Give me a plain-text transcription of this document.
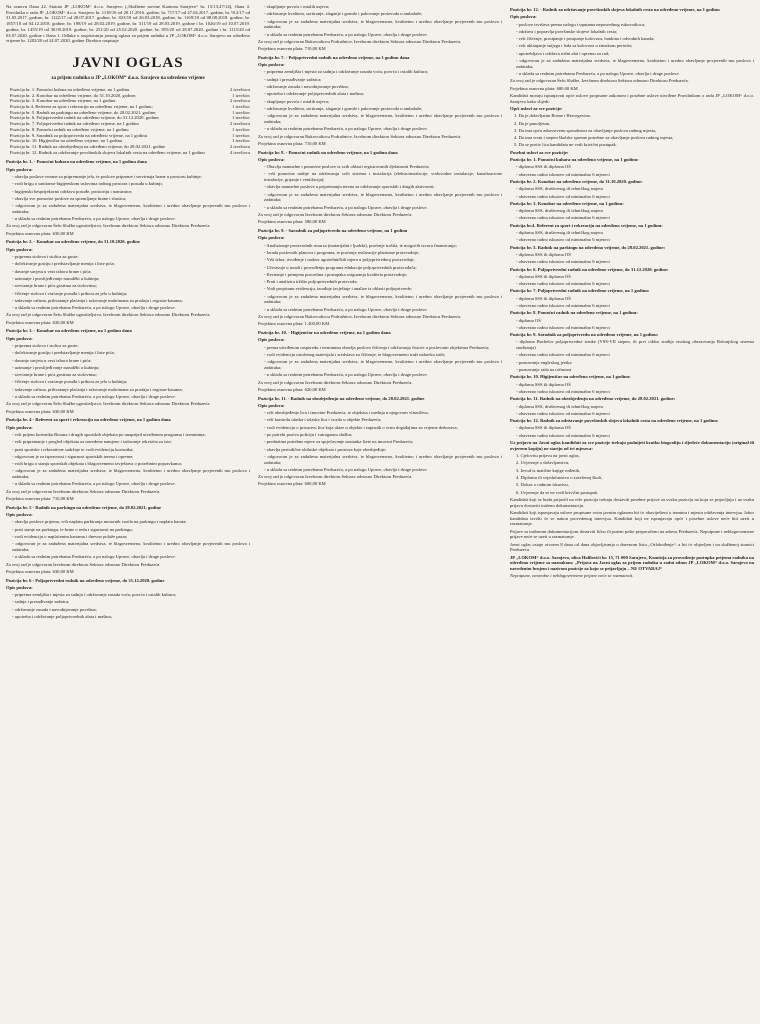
Na osnovu člana 22. Statuta JP „LOKOM“ d.o.o. Sarajevo („Službene novine Kantona Sarajevo“ br. 15/13,47/14), člana 4. Pravilnika o radu JP „LOKOM“ d.o.o. Sarajevo br. 1118/16 od 20.11.2016. godine, br. 717/17 od 27.04.2017. godine, br. 912/17 od 31.05.2017. godine, br. 1122/17 od 28.07.2017. godine, br. 823/18 od 26.03.2018. godine, br. 1169/18 od 08.08.2018. godine, br. 1857/18 od 04.12.2018. godine, br. 198/19 od 28.02.2019. godine, br. 311/19 od 28.03.2019. godine i br. 1026/19 od 10.07.2019. godine, br. 1455/19 od 30.09.2019. godine, br. 251/20 od 25.02.2020. godine, br. 855/20 od 28.07.2020. godine i br. 1115/20 od 03.07.2020. godine i člana 1. Odluke o raspisivanju javnog oglasa za prijem radnika u JP „LOKOM“ d.o.o. Sarajevo na određeno vrijeme br. 1282/20 od 24.07.2020. godine Direktor raspisuje

JAVNI OGLAS
za prijem radnika u JP „LOKOM“ d.o.o. Sarajevo na određeno vrijeme
Pozicija br. 1. Pomoćni kuhara na određeno vrijeme, na 1 godinu	2 izvršioca
Pozicija br. 2. Konobar na određeno vrijeme, do 31.10.2020. godine;	1 izvršioc
Pozicija br. 3. Konobar na određeno vrijeme, na 1 godinu	2 izvršioca
Pozicija br.4. Referent za sport i rekreaciju na određeno vrijeme, na 1 godinu;	1 izvršioc
Pozicija br. 5. Radnik na parkingu na određeno vrijeme, do 28.02.2021. godine;	1 izvršioc
Pozicija br. 6. Poljoprivredni radnik na određeno vrijeme, do 31.12.2020. godine;	1 izvršioc
Pozicija br. 7. Poljoprivredni radnik na određeno vrijeme, na 1 godinu	2 izvršioca
Pozicija br. 8. Pomoćni radnik na određeno vrijeme, na 1 godinu	1 izvršioc
Pozicija br. 9. Saradnik za poljoprivredu na određeno vrijeme, na 1 godinu	1 izvršioc
Pozicija br. 10. Higijeničar na određeno vrijeme, na 1 godinu	1 izvršioc
Pozicija br. 11. Radnik na obezbjeđenju na određeno vrijeme, do 28.02.2021. godine	2 izvršioca
Pozicija br. 12. Radnik za održavanje površinskih slojeva lokalnih cesta na određeno vrijeme, na 1 godinu	4 izvršioca

Pozicija br. 1. - Pomoćni kuhara na određeno vrijeme, na 1 godinu dana

Opis poslova:

- obavlja poslove vezane za pripremanje jela, te poslove pripreme i servirnaja hrane u prostoru kuhinje;

- vodi brigu o sanitarno-higijenskom uslovima radnog prostora i posuđa u kuhinji;

- higijenski besprijekorno održava posuđe, prostoriju i namirnice;

- obavlja sve pomoćne poslove za spremljanje hrane i slastica;

- odgovoran je za zadužena materijalna sredstva, te blagovremeno, kvalitetno i uredno obavljanje povjerenih mu poslova i zadataka;

- u skladu sa realnim potrebama Preduzeća, a po nalogu Uprave, obavlja i druge poslove.

Za svoj rad je odgovoran Šefu Službe ugostiteljstva, Izvršnom direktoru Sektora odnosno Direktoru Preduzeća.

Projektna osnovna plata: 630,00 KM

Pozicija br. 2. - Konobar na određeno vrijeme, do 31.10.2020. godine

Opis poslova:

- priprema stolova i stolica za goste;

- dočekivanje gostiju i predstavljanje menija i liste pića;

- davanje savjeta u vezi izbora hrane i pića;

- uzimanje i proslijeđivanje narudžbi u kuhinju;

- serviranje hrane i pića gostima za stolovima;

- čišćenje stolova i vraćanje posuđa i pribora za jelo u kuhinju;

- izdavanje računa, prihvatanje plaćanja i rukovanje maloimana za prodaju i registar-kasama;

- u skladu sa realnim potrebama Preduzeća, a po nalogu Uprave, obavlja i druge poslove.

Za svoj rad je odgovoran Šefu Službe ugostiteljstva, Izvršnom direktoru Sektora odnosno Direktoru Preduzeća.

Projektna osnovna plata: 630,00 KM

Pozicija br. 3. - Konobar na određeno vrijeme, na 1 godinu dana

Opis poslova:

- priprema stolova i stolica za goste;

- dočekivanje gostiju i predstavljanje menija i liste pića;

- davanje savjeta u vezi izbora hrane i pića;

- uzimanje i proslijeđivanje narudžbi u kuhinju;

- serviranje hrane i pića gostima za stolovima;

- čišćenje stolova i vraćanje posuđa i pribora za jelo u kuhinju;

- izdavanje računa, prihvatanje plaćanja i rukovanje maloimana za prodaju i registar-kasama;

- u skladu sa realnim potrebama Preduzeća, a po nalogu Uprave, obavlja i druge poslove.

Za svoj rad je odgovoran Šefu Službe ugostiteljstva, Izvršnom direktoru Sektora odnosno Direktoru Preduzeća.

Projektna osnovna plata: 630,00 KM

Pozicija br. 4 - Referent za sport i rekreaciju na određeno vrijeme, na 1 godinu dana

Opis poslova:

- vrši prijem korisnika Borana i drugih sportskih objekata po unaprijed utvrđenom programu i terminima;

- vrši pripremanje i pregled objekata za navedene namjene i izdavanje rekvizita za iste;

- prati sportske i rekreativne sadržaje te vodi evidenciju korisnika;

- odgovoran je za ispravnost i sigurnost sportskih terena i opreme;

- vodi brigu o stanju sportskih objekata i blagovremeno izvještava o potrebnim popravkama;

- odgovoran je za zadužena materijalna sredstva, te blagovremeno, kvalitetno i uredno obavljanje povjerenih mu poslova i zadataka;

- u skladu sa realnim potrebama Preduzeća, a po nalogu Uprave, obavlja i druge poslove.

Za svoj rad je odgovoran Izvršnom direktoru Sektora odnosno Direktoru Preduzeća.

Projektna osnovna plata: 710,00 KM

Pozicija br. 5 - Radnik na parkingu na određeno vrijeme, do 28.02.2021. godine

Opis poslova:

- obavlja poslove prijema, vrši naplatu parkiranja motornih vozila na parkingu i naplatu karata;

- prati stanje na parkingu, te brine o redu i sigurnosti na parkingu;

- vodi evidenciju o naplaćenim kartama i dnevno polaže pazar;

- odgovoran je za zadužena materijalna sredstva, te blagovremeno, kvalitetno i uredno obavljanje povjerenih mu poslova i zadataka;

- u skladu sa realnim potrebama Preduzeća, a po nalogu Uprave, obavlja i druge poslove.

Za svoj rad je odgovoran Izvršnom direktoru Sektora odnosno Direktoru Preduzeća.

Projektna osnovna plata: 630,00 KM

Pozicija br. 6 - Poljoprivredni radnik na određeno vrijeme, do 31.12.2020. godine

Opis poslova:

- priprema zemljišta i mjesta za sadnju i održavanje zasada voća, povrća i ostalih kultura;

- sadnja i presađivanje sadnica;

- održavanje zasada i navodnjavanje površina;

- upotreba i održavanje poljoprivrednih alata i mašina;

- skupljanje povrća i ostalih usjeva;

- održavanje kvaliteta, sortiranje, slaganje i gomile i pakovanje proizvoda u ambalaže;

- odgovoran je za zadužena materijalna sredstva, te blagovremeno, kvalitetno i uredno obavljanje povjerenih mu poslova i zadataka;

- u skladu sa realnim potrebama Preduzeća, a po nalogu Uprave, obavlja i druge poslove.

Za svoj rad je odgovoran Rukovodiocu Podružnice, Izvršnom direktoru Sektora odnosno Direktoru Preduzeća.

Projektna osnovna plata: 710,00 KM

Pozicija br. 7. - Poljoprivredni radnik na određeno vrijeme, na 1 godinu dana

Opis poslova:

- priprema zemljišta i mjesta za sadnju i održavanje zasada voća, povrća i ostalih kultura;

- sadnja i presađivanje sadnica;

- održavanje zasada i navodnjavanje površina;

- upotreba i održavanje poljoprivrednih alata i mašina;

- skupljanje povrća i ostalih usjeva;

- održavanje kvaliteta, sortiranje, slaganje i gomile i pakovanje proizvoda u ambalaže;

- odgovoran je za zadužena materijalna sredstva, te blagovremeno, kvalitetno i uredno obavljanje povjerenih mu poslova i zadataka;

- u skladu sa realnim potrebama Preduzeća, a po nalogu Uprave, obavlja i druge poslove.

Za svoj rad je odgovoran Rukovodiocu Podružnice, Izvršnom direktoru Sektora odnosno Direktoru Preduzeća.

Projektna osnovna plata: 710,00 KM

Pozicija br. 8. - Pomoćni radnik na određeno vrijeme, na 1 godinu dana

Opis poslova:

- Obavlja manuelne i pomoćne poslove iz svih oblasti registrovanih djelatnosti Preduzeća;

- vrši pomoćne radnje na održavanju svih sistema i instalacija (elektroinstalacije, vodovodne instalacije, kanalizacione instalacije, grijanje i ventilacija);

- obavlja manuelne poslove u pripremanju terena za održavanje sportskih i drugih aktivnosti;

- odgovoran je za zadužena materijalna sredstva, te blagovremeno, kvalitetno i uredno obavljanje povjerenih mu poslova i zadataka;

- u skladu sa realnim potrebama Preduzeća, a po nalogu Uprave, obavlja i druge poslove.

Za svoj rad je odgovoran Izvršnom direktoru Sektora odnosno Direktoru Preduzeća.

Projektna osnovna plata: 580,00 KM

Pozicija br. 9. - Saradnik za poljoprivredu na određeno vrijeme, na 1 godinu

Opis poslova:

- Analiziranje proizvodnih resursa (materijalni i ljudski), praćenje trošila, te mogućih izvora finansiranja;

- Izrada poslovnih planova i programa, te praćenje realizacije planirane proizvodnje;

- Vrši izbor, uvođenje i nadzor agrotehničkih mjera u poljoprivrednoj proizvodnji;

- Učestvuje u izradi i provođenju programa edukacije poljoprivrednih proizvođača;

- Kreiranje i primjena procedura i postupaka osiguranja kvaliteta proizvodnje;

- Prati i analizira tržište poljoprivrednih proizvoda;

- Vodi propisanu evidenciju, izrađuje izvještaje i analize iz oblasti poljoprivrede;

- odgovoran je za zadužena materijalna sredstva, te blagovremeno, kvalitetno i uredno obavljanje povjerenih mu poslova i zadataka;

- u skladu sa realnim potrebama Preduzeća, a po nalogu Uprave, obavlja i druge poslove.

Za svoj rad je odgovoran Rukovodiocu Podružnice, Izvršnom direktoru Sektora odnosno Direktoru Preduzeća.

Projektna osnovna plata: 1.400,00 KM

Pozicija br. 10. - Higijeničar na određeno vrijeme, na 1 godinu dana

Opis poslova:

- prema utvrđenom rasporedu i terminima obavlja poslove čišćenja i održavanja čistoće u poslovnim objektima Preduzeća;

- vodi evidenciju utrošenog materijala i sredstava za čišćenje, te blagovremeno traži nabavku istih;

- odgovoran je za zadužena materijalna sredstva, te blagovremeno, kvalitetno i uredno obavljanje povjerenih mu poslova i zadataka;

- u skladu sa realnim potrebama Preduzeća, a po nalogu Uprave, obavlja i druge poslove.

Za svoj rad je odgovoran Izvršnom direktoru Sektora odnosno Direktoru Preduzeća.

Projektna osnovna plata: 620,00 KM

Pozicija br. 11. - Radnik na obezbjeđenju na određeno vrijeme, do 28.02.2021. godine

Opis poslova:

- vrši obezbjeđenje lica i imovine Preduzeća, te objekata i uređaja u njegovom vlasništvu;

- vrši kontrolu ulaska i izlaska lica i vozila u objekte Preduzeća;

- vodi evidenciju o prisustvu lica koja ulaze u objekte i zapisnik o svim događajima za vrijeme dežurstva;

- po potrebi poziva policiju i vatrogasnu službu;

- preduzima potrebne mjere za sprječavanje nastanka štete na imovini Preduzeća;

- obavlja periodične obilaske objekata i prostora koje obezbjeđuje;

- odgovoran je za zadužena materijalna sredstva, te blagovremeno, kvalitetno i uredno obavljanje povjerenih mu poslova i zadataka;

- u skladu sa realnim potrebama Preduzeća, a po nalogu Uprave, obavlja i druge poslove.

Za svoj rad je odgovoran Izvršnom direktoru Sektora odnosno Direktoru Preduzeća.

Projektna osnovna plata: 600,00 KM

Pozicija br. 12. - Radnik za održavanje površinskih slojeva lokalnih cesta na određeno vrijeme, na 1 godinu

Opis poslova:

- poslove izvršava prema nalogu i uputama neposrednog rukovodioca;

- održava i popravlja površinske slojeve lokalnih cesta;

- vrši čišćenje, prosipanje i posipanje kolovoza, bankina i odvodnih kanala;

- vrši uklanjanje snijega i leda sa kolovoza u zimskom periodu;

- upotrebljava i održava ručni alat i opremu za rad;

- odgovoran je za zadužena materijalna sredstva, te blagovremeno, kvalitetno i uredno obavljanje povjerenih mu poslova i zadataka;

- u skladu sa realnim potrebama Preduzeća, a po nalogu Uprave, obavlja i druge poslove.

Za svoj rad je odgovoran Šefu Službe, Izvršnom direktoru Sektora odnosno Direktoru Preduzeća.

Projektna osnovna plata: 680,00 KM

Kandidati moraju ispunjavati opće uslove propisane zakonom i posebne uslove utvrđene Pravilnikom o radu JP „LOKOM“ d.o.o. Sarajevo kako slijedi:

Opći uslovi za sve pozicije:

1. Da je državljanin Bosne i Hercegovine,

2. Da je punoljetan,

3. Da ima opću zdravstvenu sposobnost za obavljanje poslova radnog mjesta,

4. Da ima vrstu i stepen školske spreme potrebne za obavljanje poslova radnog mjesta,

5. Da se protiv lica kandidata ne vodi krivični postupak.

Posebni uslovi za sve pozicije:

Pozicija br. 1. Pomoćni kuhara na određeno vrijeme, na 1 godinu:

- diploma SSS ili diploma OŠ

- obavezno radno iskustvo od minimalno 6 mjeseci

Pozicija br. 2. Konobar na određeno vrijeme, do 31.10.2020. godine:

- diploma SSS, društvenog ili tehničkog smjera

- obavezno radno iskustvo od minimalno 6 mjeseci

Pozicija br. 3. Konobar na određeno vrijeme, na 1 godinu:

- diploma SSS, društvenog ili tehničkog smjera

- obavezno radno iskustvo od minimalno 6 mjeseci

Pozicija br.4. Referent za sport i rekreaciju na određeno vrijeme, na 1 godinu:

- diploma SSS, društvenog ili tehničkog smjera

- obavezno radno iskustvo od minimalno 6 mjeseci

Pozicija br. 5. Radnik na parkingu na određeno vrijeme, do 28.02.2021. godine:

- diploma SSS ili diploma OŠ

- obavezno radno iskustvo od minimalno 6 mjeseci

Pozicija br. 6. Poljoprivredni radnik na određeno vrijeme, do 31.12.2020. godine:

- diploma SSS ili diploma OŠ

- obavezno radno iskustvo od minimalno 6 mjeseci

Pozicija br. 7. Poljoprivredni radnik na određeno vrijeme, na 1 godinu:

- diploma SSS ili diploma OŠ

- obavezno radno iskustvo od minimalno 6 mjeseci

Pozicija br. 8. Pomoćni radnik na određeno vrijeme, na 1 godinu:

- diploma OŠ

- obavezno radno iskustvo od minimalno 6 mjeseci

Pozicija br. 9. Saradnik za poljoprivredu na određeno vrijeme, na 1 godinu:

- diploma Bachelor poljoprivredne struke (VSS-VII stepen, ili prvi ciklus studija visokog obrazovanja Bolonjskog sistema studiranja)

- obavezno radno iskustvo od minimalno 6 mjeseci

- poznavanje engleskog jezika

- poznavanje rada na računaru

Pozicija br. 10. Higijeničar na određeno vrijeme, na 1 godinu:

- diploma SSS ili diploma OŠ

- obavezno radno iskustvo od minimalno 6 mjeseci

Pozicija br. 11. Radnik na obezbjeđenju na određeno vrijeme, do 28.02.2021. godine:

- diploma SSS, društvenog ili tehničkog smjera

- obavezno radno iskustvo od minimalno 6 mjeseci

Pozicija br. 12. Radnik za održavanje površinskih slojeva lokalnih cesta na određeno vrijeme, na 1 godinu:

- diploma SSS ili diploma OŠ

- obavezno radno iskustvo od minimalno 6 mjeseci

Uz prijavu na Javni oglas kandidati za sve pozicije trebaju podnijeti kratku biografiju i sljedeće dokumentaciju (original ili ovjerenu kopiju) ne stariju od tri mjeseca:

1. Cjelovitu prijavu na javni oglas,

2. Uvjerenje o državljanstvu,

3. Izvod iz matične knjige rođenih,

4. Diplomu ili svjedočanstvo o završenoj školi,

5. Dokaz o radnom iskustvu,

6. Uvjerenje da se ne vodi krivični postupak.

Kandidati koji se budu prijavili na više pozicija trebaju dostaviti posebne prijave za svaku poziciju na koju se prijavljuju i uz svaku prijavu dostaviti traženu dokumentaciju.

Kandidati koji ispunjavaju uslove propisane ovim javnim oglasom bit će obaviješteni o terminu i mjestu održavanja intervjua. Izbor kandidata izvršit će se nakon provedenog intervjua. Kandidati koji ne ispunjavaju opće i posebne uslove neće biti uzeti u razmatranje.

Prijave sa traženom dokumentacijom dostaviti lično ili putem pošte preporučeno na adresu Preduzeća. Nepotpune i neblagovremene prijave neće se uzeti u razmatranje.

Javni oglas ostaje otvoren 8 dana od dana objavljivanja u dnevnom listu „Oslobođenje“, a bit će objavljen i na službenoj stranici Preduzeća.

JP „LOKOM“ d.o.o. Sarajevo, ulica Halilovići br. 15, 71 000 Sarajevo, Komisija za provođenje postupka prijema radnika na određeno vrijeme sa naznakom: „Prijava na Javni oglas za prijem radnika u radni odnos JP „LOKOM“ d.o.o. Sarajevo na navedenim brojem i nazivom pozicije za koju se prijavljuju – NE OTVARAJ“

Nepotpune, neuredne i neblagovremene prijave neće se razmatrati.
